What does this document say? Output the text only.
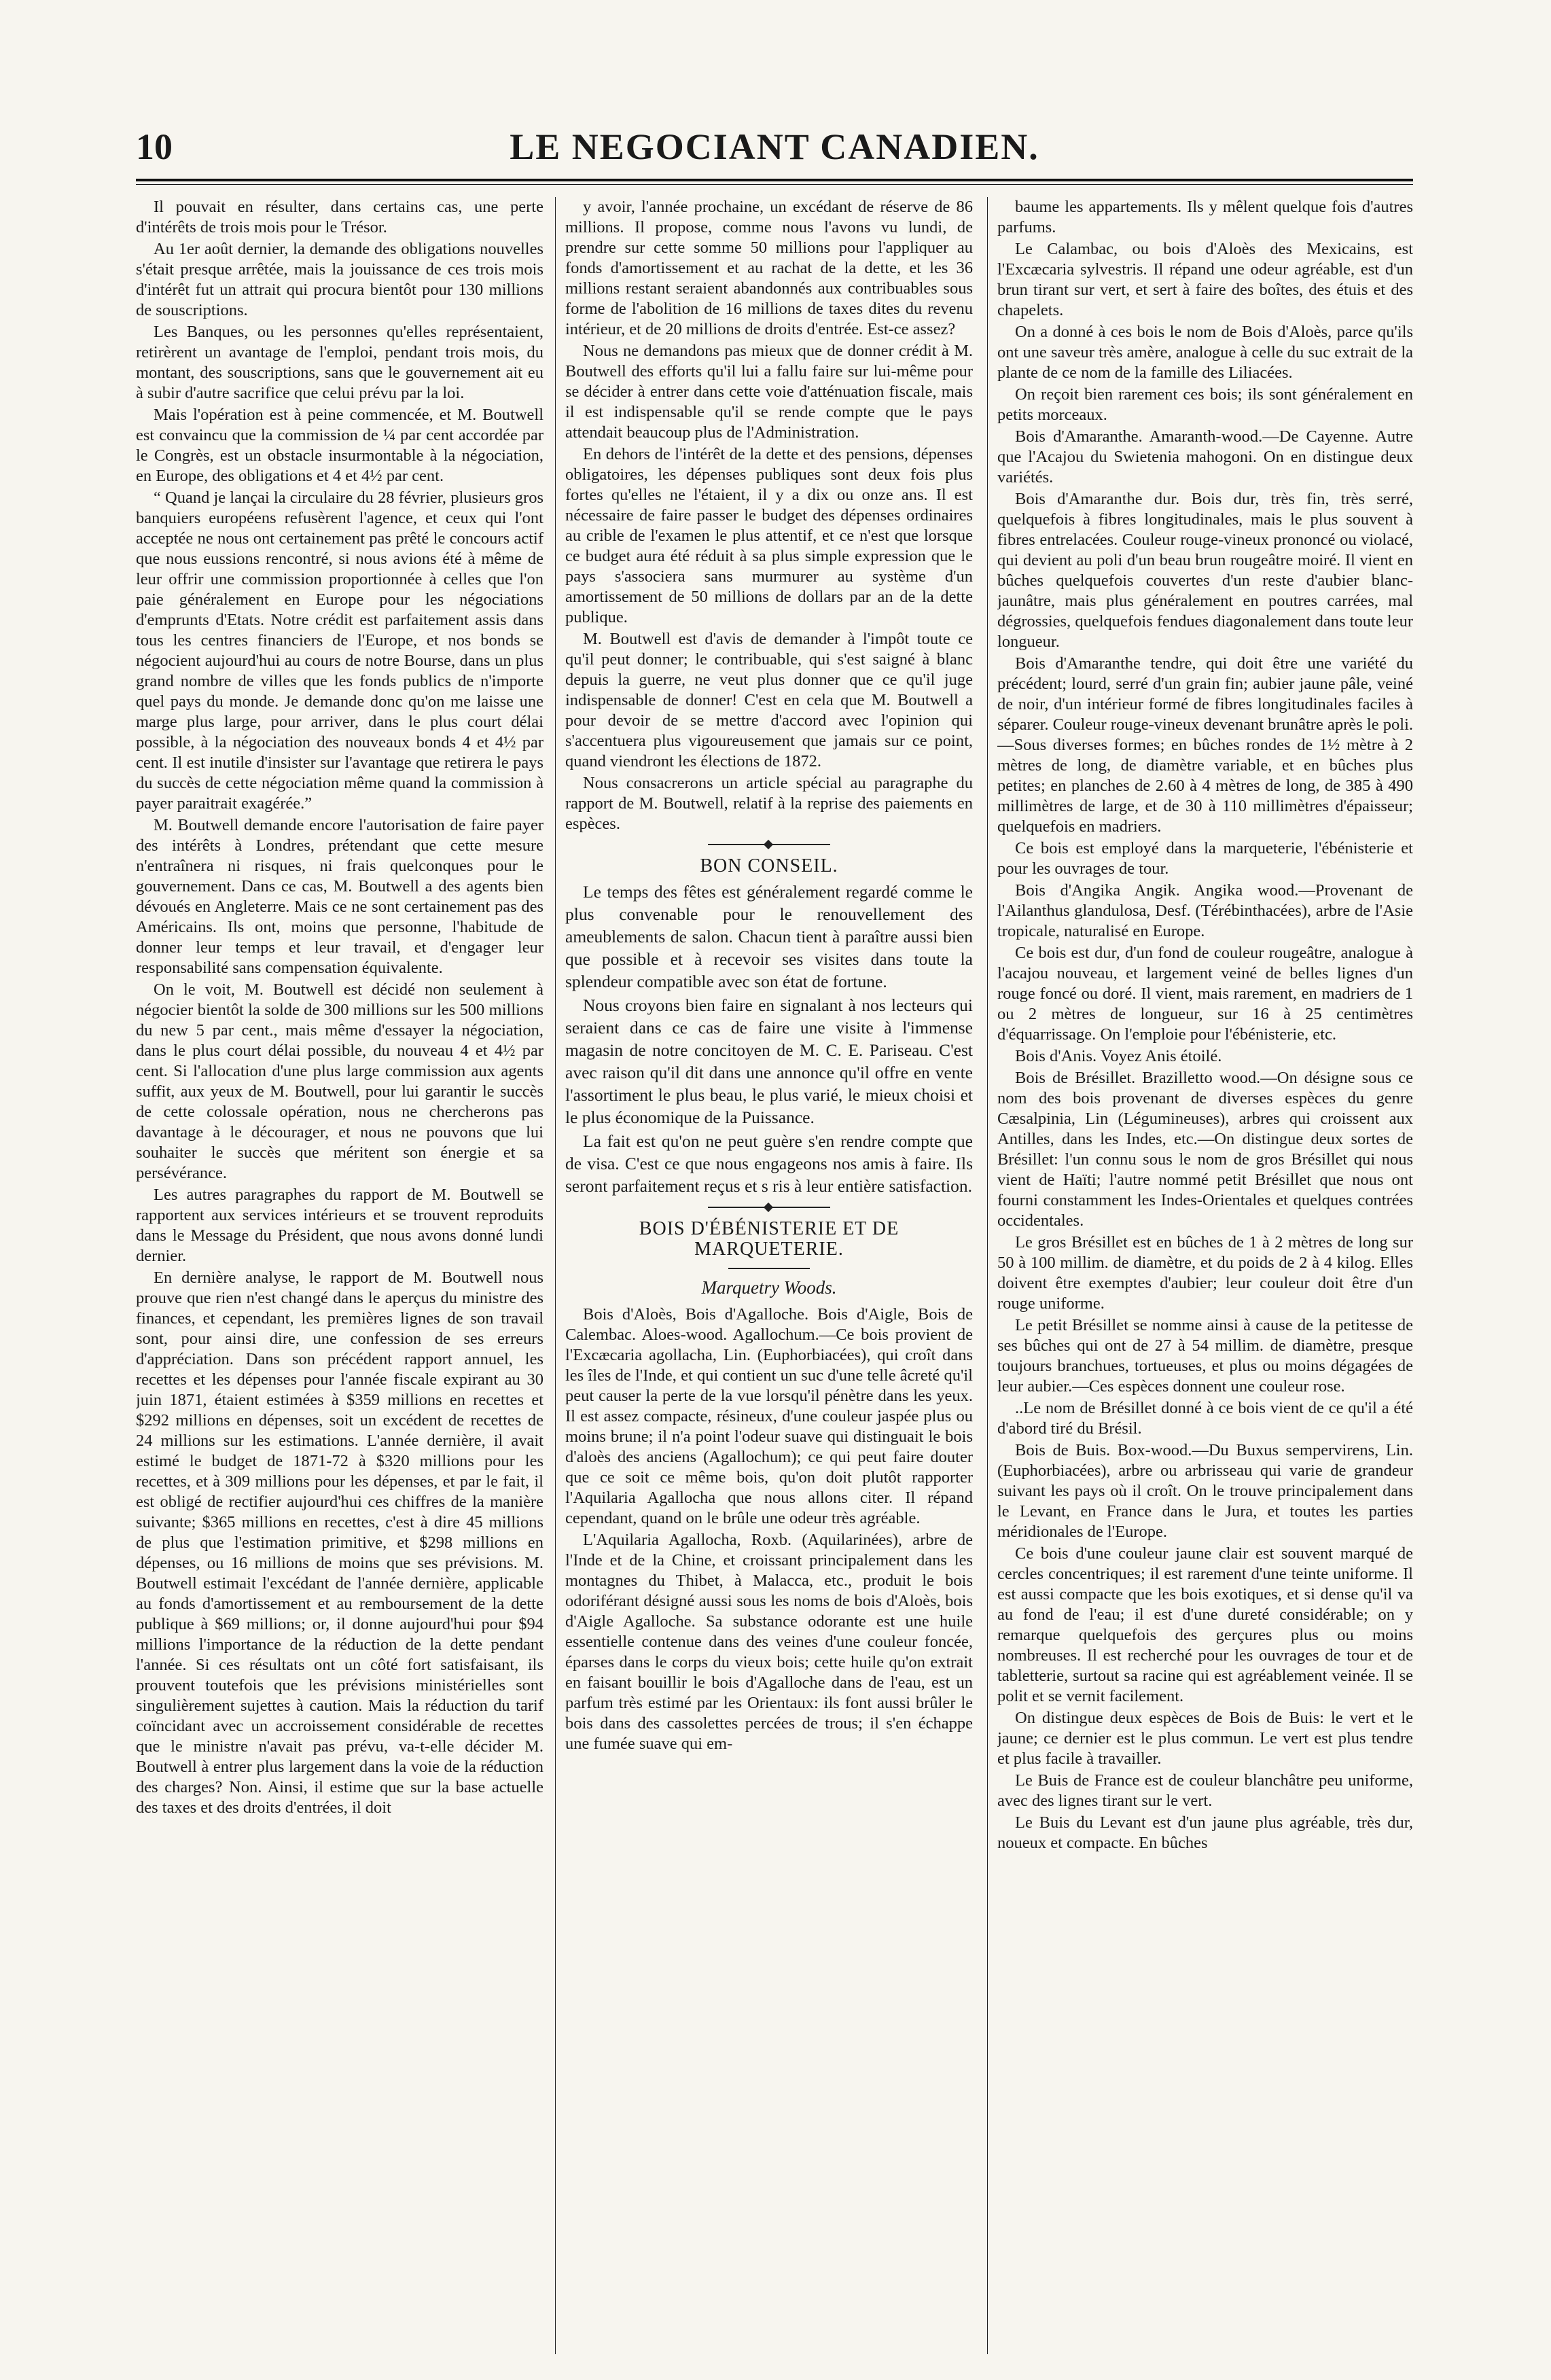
10	LE NEGOCIANT CANADIEN.

Il pouvait en résulter, dans certains cas, une perte d'intérêts de trois mois pour le Trésor.

Au 1er août dernier, la demande des obligations nouvelles s'était presque arrêtée, mais la jouissance de ces trois mois d'intérêt fut un attrait qui procura bientôt pour 130 millions de souscriptions.

Les Banques, ou les personnes qu'elles représentaient, retirèrent un avantage de l'emploi, pendant trois mois, du montant, des souscriptions, sans que le gouvernement ait eu à subir d'autre sacrifice que celui prévu par la loi.

Mais l'opération est à peine commencée, et M. Boutwell est convaincu que la commission de ¼ par cent accordée par le Congrès, est un obstacle insurmontable à la négociation, en Europe, des obligations et 4 et 4½ par cent.

“ Quand je lançai la circulaire du 28 février, plusieurs gros banquiers européens refusèrent l'agence, et ceux qui l'ont acceptée ne nous ont certainement pas prêté le concours actif que nous eussions rencontré, si nous avions été à même de leur offrir une commission proportionnée à celles que l'on paie généralement en Europe pour les négociations d'emprunts d'Etats. Notre crédit est parfaitement assis dans tous les centres financiers de l'Europe, et nos bonds se négocient aujourd'hui au cours de notre Bourse, dans un plus grand nombre de villes que les fonds publics de n'importe quel pays du monde. Je demande donc qu'on me laisse une marge plus large, pour arriver, dans le plus court délai possible, à la négociation des nouveaux bonds 4 et 4½ par cent. Il est inutile d'insister sur l'avantage que retirera le pays du succès de cette négociation même quand la commission à payer paraitrait exagérée.”

M. Boutwell demande encore l'autorisation de faire payer des intérêts à Londres, prétendant que cette mesure n'entraînera ni risques, ni frais quelconques pour le gouvernement. Dans ce cas, M. Boutwell a des agents bien dévoués en Angleterre. Mais ce ne sont certainement pas des Américains. Ils ont, moins que personne, l'habitude de donner leur temps et leur travail, et d'engager leur responsabilité sans compensation équivalente.

On le voit, M. Boutwell est décidé non seulement à négocier bientôt la solde de 300 millions sur les 500 millions du new 5 par cent., mais même d'essayer la négociation, dans le plus court délai possible, du nouveau 4 et 4½ par cent. Si l'allocation d'une plus large commission aux agents suffit, aux yeux de M. Boutwell, pour lui garantir le succès de cette colossale opération, nous ne chercherons pas davantage à le décourager, et nous ne pouvons que lui souhaiter le succès que méritent son énergie et sa persévérance.

Les autres paragraphes du rapport de M. Boutwell se rapportent aux services intérieurs et se trouvent reproduits dans le Message du Président, que nous avons donné lundi dernier.

En dernière analyse, le rapport de M. Boutwell nous prouve que rien n'est changé dans le aperçus du ministre des finances, et cependant, les premières lignes de son travail sont, pour ainsi dire, une confession de ses erreurs d'appréciation. Dans son précédent rapport annuel, les recettes et les dépenses pour l'année fiscale expirant au 30 juin 1871, étaient estimées à $359 millions en recettes et $292 millions en dépenses, soit un excédent de recettes de 24 millions sur les estimations. L'année dernière, il avait estimé le budget de 1871-72 à $320 millions pour les recettes, et à 309 millions pour les dépenses, et par le fait, il est obligé de rectifier aujourd'hui ces chiffres de la manière suivante; $365 millions en recettes, c'est à dire 45 millions de plus que l'estimation primitive, et $298 millions en dépenses, ou 16 millions de moins que ses prévisions. M. Boutwell estimait l'excédant de l'année dernière, applicable au fonds d'amortissement et au remboursement de la dette publique à $69 millions; or, il donne aujourd'hui pour $94 millions l'importance de la réduction de la dette pendant l'année. Si ces résultats ont un côté fort satisfaisant, ils prouvent toutefois que les prévisions ministérielles sont singulièrement sujettes à caution. Mais la réduction du tarif coïncidant avec un accroissement considérable de recettes que le ministre n'avait pas prévu, va-t-elle décider M. Boutwell à entrer plus largement dans la voie de la réduction des charges? Non. Ainsi, il estime que sur la base actuelle des taxes et des droits d'entrées, il doit

y avoir, l'année prochaine, un excédant de réserve de 86 millions. Il propose, comme nous l'avons vu lundi, de prendre sur cette somme 50 millions pour l'appliquer au fonds d'amortissement et au rachat de la dette, et les 36 millions restant seraient abandonnés aux contribuables sous forme de l'abolition de 16 millions de taxes dites du revenu intérieur, et de 20 millions de droits d'entrée. Est-ce assez?

Nous ne demandons pas mieux que de donner crédit à M. Boutwell des efforts qu'il lui a fallu faire sur lui-même pour se décider à entrer dans cette voie d'atténuation fiscale, mais il est indispensable qu'il se rende compte que le pays attendait beaucoup plus de l'Administration.

En dehors de l'intérêt de la dette et des pensions, dépenses obligatoires, les dépenses publiques sont deux fois plus fortes qu'elles ne l'étaient, il y a dix ou onze ans. Il est nécessaire de faire passer le budget des dépenses ordinaires au crible de l'examen le plus attentif, et ce n'est que lorsque ce budget aura été réduit à sa plus simple expression que le pays s'associera sans murmurer au système d'un amortissement de 50 millions de dollars par an de la dette publique.

M. Boutwell est d'avis de demander à l'impôt toute ce qu'il peut donner; le contribuable, qui s'est saigné à blanc depuis la guerre, ne veut plus donner que ce qu'il juge indispensable de donner! C'est en cela que M. Boutwell a pour devoir de se mettre d'accord avec l'opinion qui s'accentuera plus vigoureusement que jamais sur ce point, quand viendront les élections de 1872.

Nous consacrerons un article spécial au paragraphe du rapport de M. Boutwell, relatif à la reprise des paiements en espèces.

BON CONSEIL.

Le temps des fêtes est généralement regardé comme le plus convenable pour le renouvellement des ameublements de salon. Chacun tient à paraître aussi bien que possible et à recevoir ses visites dans toute la splendeur compatible avec son état de fortune.

Nous croyons bien faire en signalant à nos lecteurs qui seraient dans ce cas de faire une visite à l'immense magasin de notre concitoyen de M. C. E. Pariseau. C'est avec raison qu'il dit dans une annonce qu'il offre en vente l'assortiment le plus beau, le plus varié, le mieux choisi et le plus économique de la Puissance.

La fait est qu'on ne peut guère s'en rendre compte que de visa. C'est ce que nous engageons nos amis à faire. Ils seront parfaitement reçus et s ris à leur entière satisfaction.

BOIS D'ÉBÉNISTERIE ET DE MARQUETERIE.
Marquetry Woods.

Bois d'Aloès, Bois d'Agalloche. Bois d'Aigle, Bois de Calembac. Aloes-wood. Agallochum.—Ce bois provient de l'Excæcaria agollacha, Lin. (Euphorbiacées), qui croît dans les îles de l'Inde, et qui contient un suc d'une telle âcreté qu'il peut causer la perte de la vue lorsqu'il pénètre dans les yeux. Il est assez compacte, résineux, d'une couleur jaspée plus ou moins brune; il n'a point l'odeur suave qui distinguait le bois d'aloès des anciens (Agallochum); ce qui peut faire douter que ce soit ce même bois, qu'on doit plutôt rapporter l'Aquilaria Agallocha que nous allons citer. Il répand cependant, quand on le brûle une odeur très agréable.

L'Aquilaria Agallocha, Roxb. (Aquilarinées), arbre de l'Inde et de la Chine, et croissant principalement dans les montagnes du Thibet, à Malacca, etc., produit le bois odoriférant désigné aussi sous les noms de bois d'Aloès, bois d'Aigle Agalloche. Sa substance odorante est une huile essentielle contenue dans des veines d'une couleur foncée, éparses dans le corps du vieux bois; cette huile qu'on extrait en faisant bouillir le bois d'Agalloche dans de l'eau, est un parfum très estimé par les Orientaux: ils font aussi brûler le bois dans des cassolettes percées de trous; il s'en échappe une fumée suave qui em-

baume les appartements. Ils y mêlent quelque fois d'autres parfums.

Le Calambac, ou bois d'Aloès des Mexicains, est l'Excæcaria sylvestris. Il répand une odeur agréable, est d'un brun tirant sur vert, et sert à faire des boîtes, des étuis et des chapelets.

On a donné à ces bois le nom de Bois d'Aloès, parce qu'ils ont une saveur très amère, analogue à celle du suc extrait de la plante de ce nom de la famille des Liliacées.

On reçoit bien rarement ces bois; ils sont généralement en petits morceaux.

Bois d'Amaranthe. Amaranth-wood.—De Cayenne. Autre que l'Acajou du Swietenia mahogoni. On en distingue deux variétés.

Bois d'Amaranthe dur. Bois dur, très fin, très serré, quelquefois à fibres longitudinales, mais le plus souvent à fibres entrelacées. Couleur rouge-vineux prononcé ou violacé, qui devient au poli d'un beau brun rougeâtre moiré. Il vient en bûches quelquefois couvertes d'un reste d'aubier blanc-jaunâtre, mais plus généralement en poutres carrées, mal dégrossies, quelquefois fendues diagonalement dans toute leur longueur.

Bois d'Amaranthe tendre, qui doit être une variété du précédent; lourd, serré d'un grain fin; aubier jaune pâle, veiné de noir, d'un intérieur formé de fibres longitudinales faciles à séparer. Couleur rouge-vineux devenant brunâtre après le poli.—Sous diverses formes; en bûches rondes de 1½ mètre à 2 mètres de long, de diamètre variable, et en bûches plus petites; en planches de 2.60 à 4 mètres de long, de 385 à 490 millimètres de large, et de 30 à 110 millimètres d'épaisseur; quelquefois en madriers.

Ce bois est employé dans la marqueterie, l'ébénisterie et pour les ouvrages de tour.

Bois d'Angika Angik. Angika wood.—Provenant de l'Ailanthus glandulosa, Desf. (Térébinthacées), arbre de l'Asie tropicale, naturalisé en Europe.

Ce bois est dur, d'un fond de couleur rougeâtre, analogue à l'acajou nouveau, et largement veiné de belles lignes d'un rouge foncé ou doré. Il vient, mais rarement, en madriers de 1 ou 2 mètres de longueur, sur 16 à 25 centimètres d'équarrissage. On l'emploie pour l'ébénisterie, etc.

Bois d'Anis. Voyez Anis étoilé.

Bois de Brésillet. Brazilletto wood.—On désigne sous ce nom des bois provenant de diverses espèces du genre Cæsalpinia, Lin (Légumineuses), arbres qui croissent aux Antilles, dans les Indes, etc.—On distingue deux sortes de Brésillet: l'un connu sous le nom de gros Brésillet qui nous vient de Haïti; l'autre nommé petit Brésillet que nous ont fourni constamment les Indes-Orientales et quelques contrées occidentales.

Le gros Brésillet est en bûches de 1 à 2 mètres de long sur 50 à 100 millim. de diamètre, et du poids de 2 à 4 kilog. Elles doivent être exemptes d'aubier; leur couleur doit être d'un rouge uniforme.

Le petit Brésillet se nomme ainsi à cause de la petitesse de ses bûches qui ont de 27 à 54 millim. de diamètre, presque toujours branchues, tortueuses, et plus ou moins dégagées de leur aubier.—Ces espèces donnent une couleur rose.

..Le nom de Brésillet donné à ce bois vient de ce qu'il a été d'abord tiré du Brésil.

Bois de Buis. Box-wood.—Du Buxus sempervirens, Lin. (Euphorbiacées), arbre ou arbrisseau qui varie de grandeur suivant les pays où il croît. On le trouve principalement dans le Levant, en France dans le Jura, et toutes les parties méridionales de l'Europe.

Ce bois d'une couleur jaune clair est souvent marqué de cercles concentriques; il est rarement d'une teinte uniforme. Il est aussi compacte que les bois exotiques, et si dense qu'il va au fond de l'eau; il est d'une dureté considérable; on y remarque quelquefois des gerçures plus ou moins nombreuses. Il est recherché pour les ouvrages de tour et de tabletterie, surtout sa racine qui est agréablement veinée. Il se polit et se vernit facilement.

On distingue deux espèces de Bois de Buis: le vert et le jaune; ce dernier est le plus commun. Le vert est plus tendre et plus facile à travailler.

Le Buis de France est de couleur blanchâtre peu uniforme, avec des lignes tirant sur le vert.

Le Buis du Levant est d'un jaune plus agréable, très dur, noueux et compacte. En bûches
